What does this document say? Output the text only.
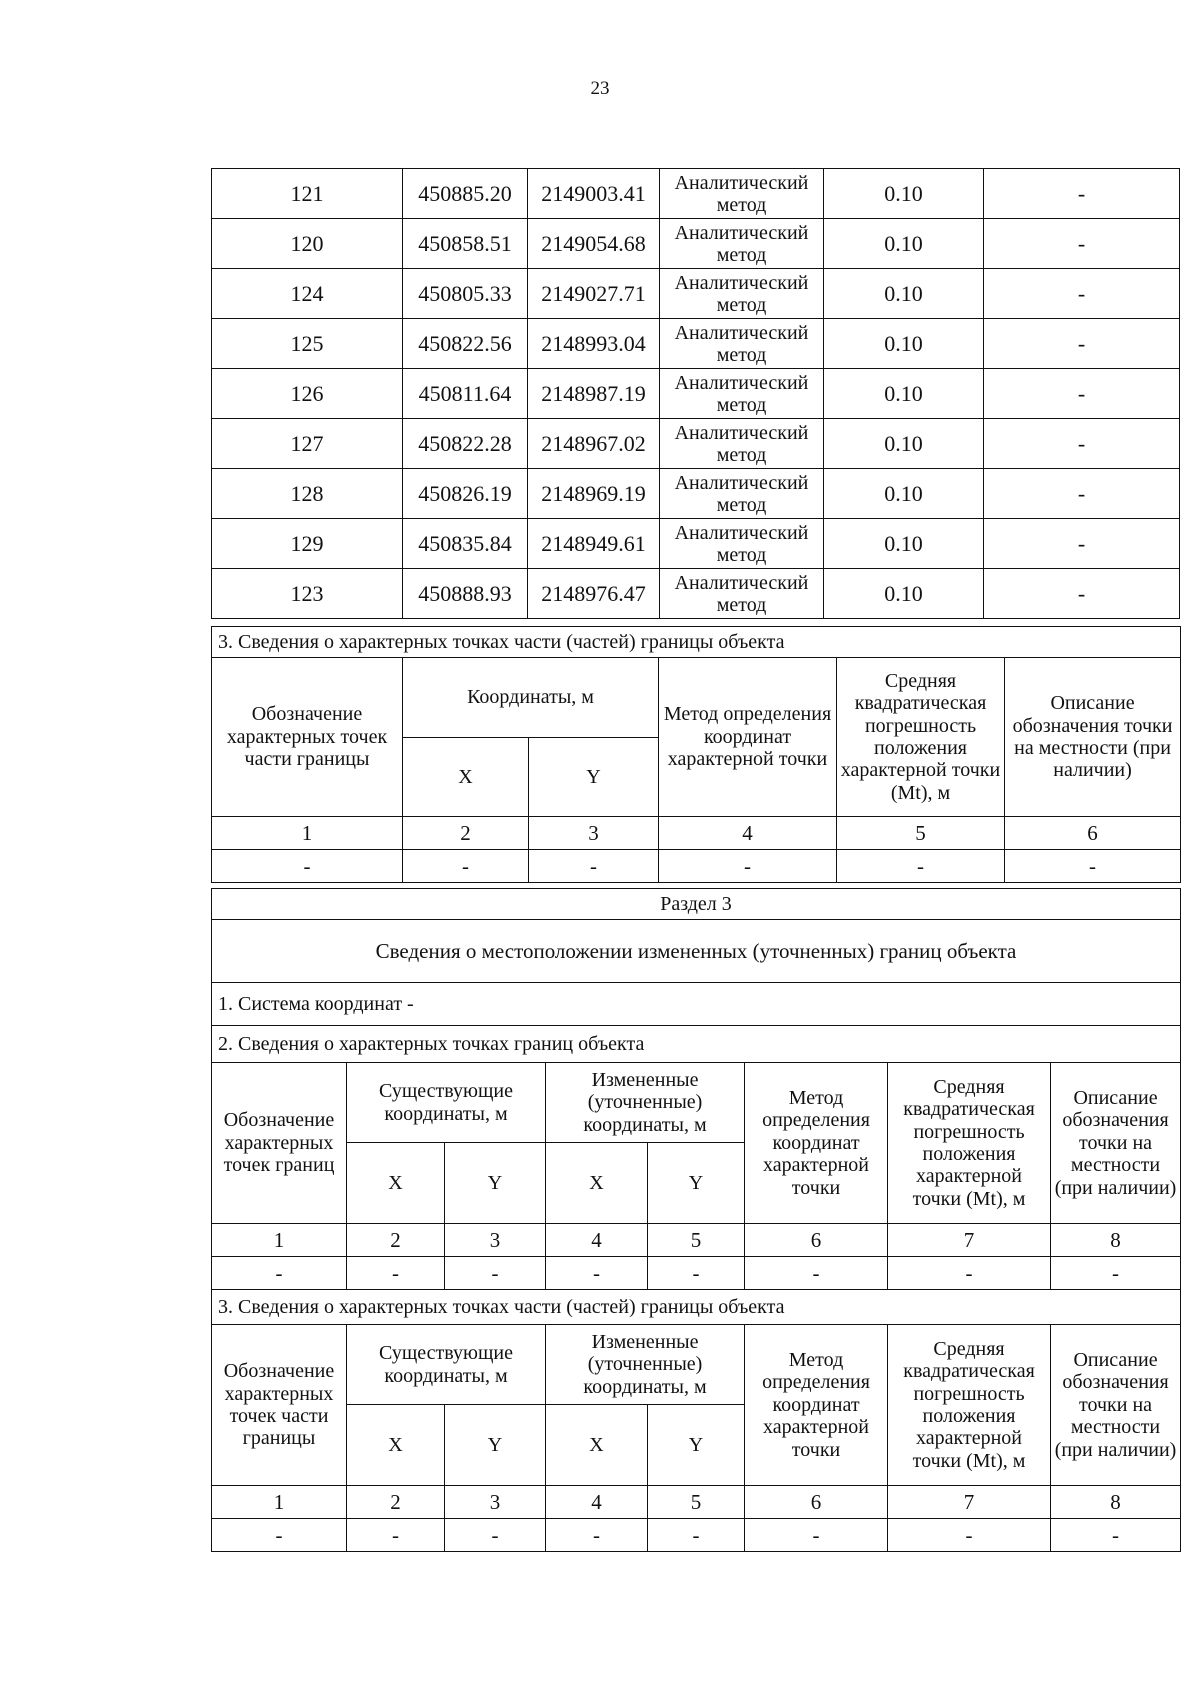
23
121	450885.20	2149003.41	Аналитический метод	0.10	-
120	450858.51	2149054.68	Аналитический метод	0.10	-
124	450805.33	2149027.71	Аналитический метод	0.10	-
125	450822.56	2148993.04	Аналитический метод	0.10	-
126	450811.64	2148987.19	Аналитический метод	0.10	-
127	450822.28	2148967.02	Аналитический метод	0.10	-
128	450826.19	2148969.19	Аналитический метод	0.10	-
129	450835.84	2148949.61	Аналитический метод	0.10	-
123	450888.93	2148976.47	Аналитический метод	0.10	-
3. Сведения о характерных точках части (частей) границы объекта					
Обозначение характерных точек части границы	Координаты, м		Метод определения координат характерной точки	Средняя квадратическая погрешность положения характерной точки (Mt), м	Описание обозначения точки на местности (при наличии)
	X	Y			
1	2	3	4	5	6
-	-	-	-	-	-
Раздел 3
Сведения о местоположении измененных (уточненных) границ объекта
1. Система координат -
2. Сведения о характерных точках границ объекта
Обозначение характерных точек границ	Существующие координаты, м		Измененные (уточненные) координаты, м		Метод определения координат характерной точки	Средняя квадратическая погрешность положения характерной точки (Mt), м	Описание обозначения точки на местности (при наличии)
	X	Y	X	Y			
1	2	3	4	5	6	7	8
-	-	-	-	-	-	-	-
3. Сведения о характерных точках части (частей) границы объекта							
Обозначение характерных точек части границы	Существующие координаты, м		Измененные (уточненные) координаты, м		Метод определения координат характерной точки	Средняя квадратическая погрешность положения характерной точки (Mt), м	Описание обозначения точки на местности (при наличии)
	X	Y	X	Y			
1	2	3	4	5	6	7	8
-	-	-	-	-	-	-	-
